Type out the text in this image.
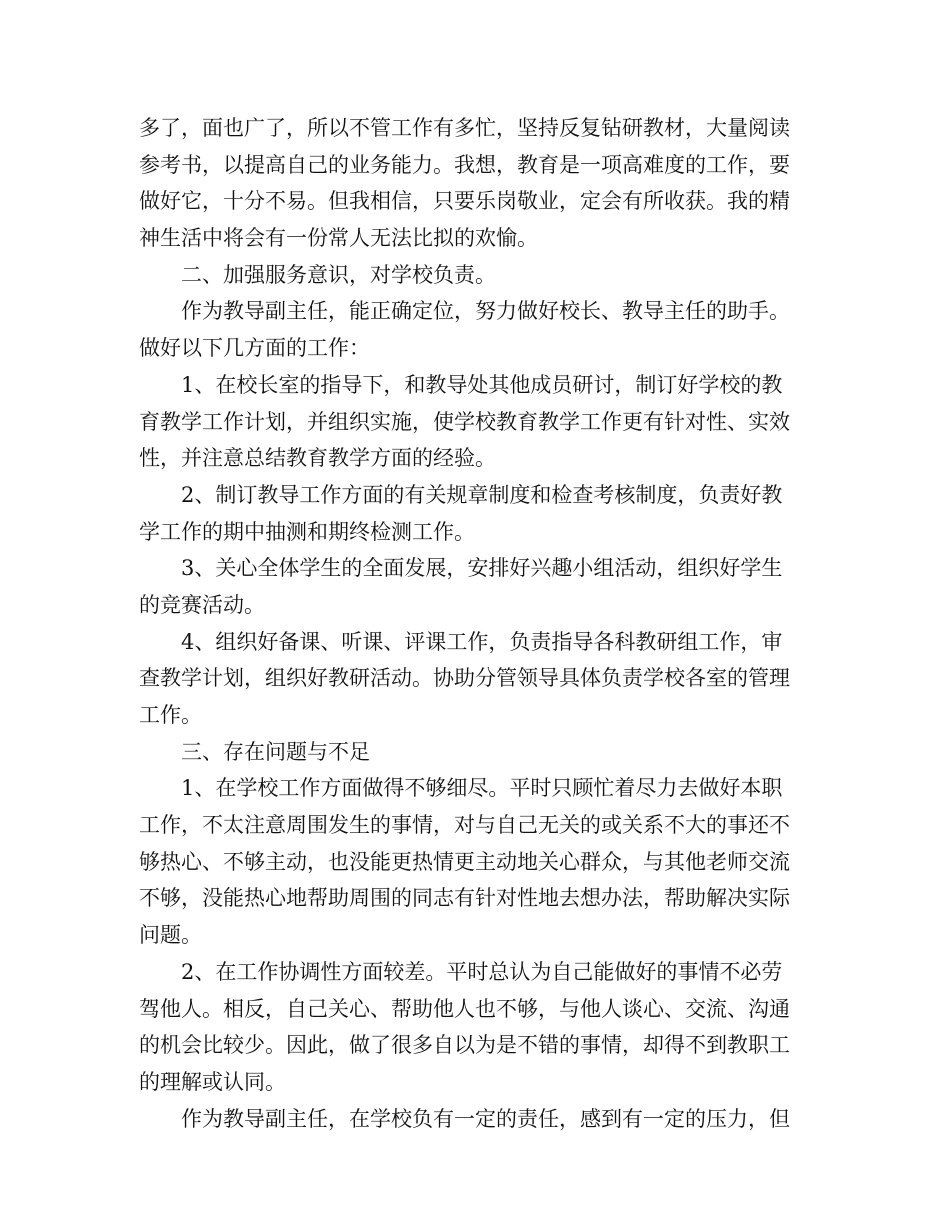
多了，面也广了，所以不管工作有多忙，坚持反复钻研教材，大量阅读
参考书，以提高自己的业务能力。我想，教育是一项高难度的工作，要
做好它，十分不易。但我相信，只要乐岗敬业，定会有所收获。我的精
神生活中将会有一份常人无法比拟的欢愉。
二、加强服务意识，对学校负责。
作为教导副主任，能正确定位，努力做好校长、教导主任的助手。
做好以下几方面的工作：
1、在校长室的指导下，和教导处其他成员研讨，制订好学校的教
育教学工作计划，并组织实施，使学校教育教学工作更有针对性、实效
性，并注意总结教育教学方面的经验。
2、制订教导工作方面的有关规章制度和检查考核制度，负责好教
学工作的期中抽测和期终检测工作。
3、关心全体学生的全面发展，安排好兴趣小组活动，组织好学生
的竞赛活动。
4、组织好备课、听课、评课工作，负责指导各科教研组工作，审
查教学计划，组织好教研活动。协助分管领导具体负责学校各室的管理
工作。
三、存在问题与不足
1、在学校工作方面做得不够细尽。平时只顾忙着尽力去做好本职
工作，不太注意周围发生的事情，对与自己无关的或关系不大的事还不
够热心、不够主动，也没能更热情更主动地关心群众，与其他老师交流
不够，没能热心地帮助周围的同志有针对性地去想办法，帮助解决实际
问题。
2、在工作协调性方面较差。平时总认为自己能做好的事情不必劳
驾他人。相反，自己关心、帮助他人也不够，与他人谈心、交流、沟通
的机会比较少。因此，做了很多自以为是不错的事情，却得不到教职工
的理解或认同。
作为教导副主任，在学校负有一定的责任，感到有一定的压力，但
